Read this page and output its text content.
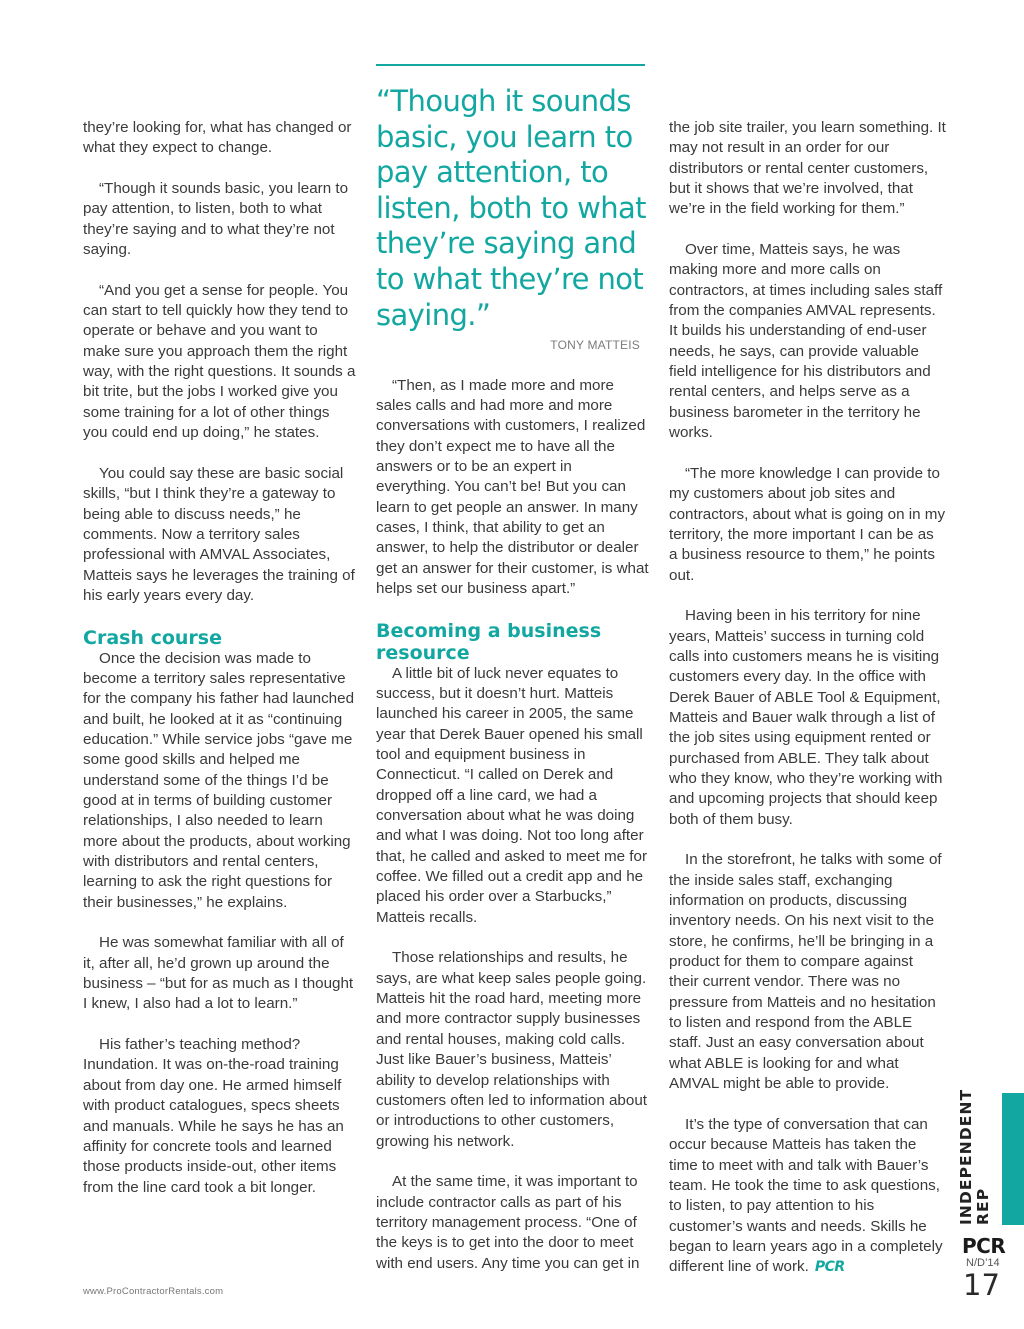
they’re looking for, what has changed or what they expect to change.

“Though it sounds basic, you learn to pay attention, to listen, both to what they’re saying and to what they’re not saying.

“And you get a sense for people. You can start to tell quickly how they tend to operate or behave and you want to make sure you approach them the right way, with the right questions. It sounds a bit trite, but the jobs I worked give you some training for a lot of other things you could end up doing,” he states.

You could say these are basic social skills, “but I think they’re a gateway to being able to discuss needs,” he comments. Now a territory sales professional with AMVAL Associates, Matteis says he leverages the training of his early years every day.

Crash course

Once the decision was made to become a territory sales representative for the company his father had launched and built, he looked at it as “continuing education.” While service jobs “gave me some good skills and helped me understand some of the things I’d be good at in terms of building customer relationships, I also needed to learn more about the products, about working with distributors and rental centers, learning to ask the right questions for their businesses,” he explains.

He was somewhat familiar with all of it, after all, he’d grown up around the business – “but for as much as I thought I knew, I also had a lot to learn.”

His father’s teaching method? Inundation. It was on-the-road training about from day one. He armed himself with product catalogues, specs sheets and manuals. While he says he has an affinity for concrete tools and learned those products inside-out, other items from the line card took a bit longer.

“Though it sounds basic, you learn to pay attention, to listen, both to what they’re saying and to what they’re not saying.”

TONY MATTEIS

“Then, as I made more and more sales calls and had more and more conversations with customers, I realized they don’t expect me to have all the answers or to be an expert in everything. You can’t be! But you can learn to get people an answer. In many cases, I think, that ability to get an answer, to help the distributor or dealer get an answer for their customer, is what helps set our business apart.”

Becoming a business resource

A little bit of luck never equates to success, but it doesn’t hurt. Matteis launched his career in 2005, the same year that Derek Bauer opened his small tool and equipment business in Connecticut. “I called on Derek and dropped off a line card, we had a conversation about what he was doing and what I was doing. Not too long after that, he called and asked to meet me for coffee. We filled out a credit app and he placed his order over a Starbucks,” Matteis recalls.

Those relationships and results, he says, are what keep sales people going. Matteis hit the road hard, meeting more and more contractor supply businesses and rental houses, making cold calls. Just like Bauer’s business, Matteis’ ability to develop relationships with customers often led to information about or introductions to other customers, growing his network.

At the same time, it was important to include contractor calls as part of his territory management process. “One of the keys is to get into the door to meet with end users. Any time you can get in

the job site trailer, you learn something. It may not result in an order for our distributors or rental center customers, but it shows that we’re involved, that we’re in the field working for them.”

Over time, Matteis says, he was making more and more calls on contractors, at times including sales staff from the companies AMVAL represents. It builds his understanding of end-user needs, he says, can provide valuable field intelligence for his distributors and rental centers, and helps serve as a business barometer in the territory he works.

“The more knowledge I can provide to my customers about job sites and contractors, about what is going on in my territory, the more important I can be as a business resource to them,” he points out.

Having been in his territory for nine years, Matteis’ success in turning cold calls into customers means he is visiting customers every day. In the office with Derek Bauer of ABLE Tool & Equipment, Matteis and Bauer walk through a list of the job sites using equipment rented or purchased from ABLE. They talk about who they know, who they’re working with and upcoming projects that should keep both of them busy.

In the storefront, he talks with some of the inside sales staff, exchanging information on products, discussing inventory needs. On his next visit to the store, he confirms, he’ll be bringing in a product for them to compare against their current vendor. There was no pressure from Matteis and no hesitation to listen and respond from the ABLE staff. Just an easy conversation about what ABLE is looking for and what AMVAL might be able to provide.

It’s the type of conversation that can occur because Matteis has taken the time to meet with and talk with Bauer’s team. He took the time to ask questions, to listen, to pay attention to his customer’s wants and needs. Skills he began to learn years ago in a completely different line of work. PCR

www.ProContractorRentals.com
INDEPENDENT REP
PCR
N/D’14
17
